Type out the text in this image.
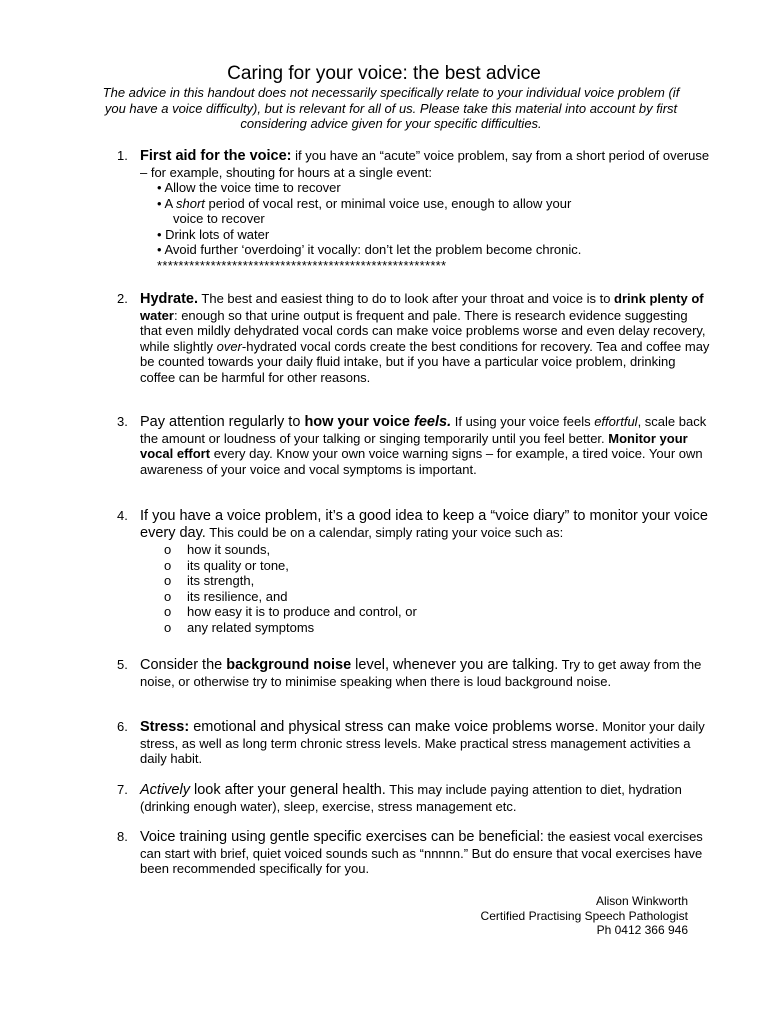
Caring for your voice: the best advice
The advice in this handout does not necessarily specifically relate to your individual voice problem (if you have a voice difficulty), but is relevant for all of us. Please take this material into account by first considering advice given for your specific difficulties.
1. First aid for the voice: if you have an “acute” voice problem, say from a short period of overuse – for example, shouting for hours at a single event:
• Allow the voice time to recover
• A short period of vocal rest, or minimal voice use, enough to allow your
voice to recover
• Drink lots of water
• Avoid further ‘overdoing’ it vocally: don’t let the problem become chronic.
******************************************************
2. Hydrate. The best and easiest thing to do to look after your throat and voice is to drink plenty of water: enough so that urine output is frequent and pale. There is research evidence suggesting that even mildly dehydrated vocal cords can make voice problems worse and even delay recovery, while slightly over-hydrated vocal cords create the best conditions for recovery. Tea and coffee may be counted towards your daily fluid intake, but if you have a particular voice problem, drinking coffee can be harmful for other reasons.
3. Pay attention regularly to how your voice feels. If using your voice feels effortful, scale back the amount or loudness of your talking or singing temporarily until you feel better. Monitor your vocal effort every day. Know your own voice warning signs – for example, a tired voice. Your own awareness of your voice and vocal symptoms is important.
4. If you have a voice problem, it’s a good idea to keep a “voice diary” to monitor your voice every day. This could be on a calendar, simply rating your voice such as:
o how it sounds,
o its quality or tone,
o its strength,
o its resilience, and
o how easy it is to produce and control, or
o any related symptoms
5. Consider the background noise level, whenever you are talking. Try to get away from the noise, or otherwise try to minimise speaking when there is loud background noise.
6. Stress: emotional and physical stress can make voice problems worse. Monitor your daily stress, as well as long term chronic stress levels. Make practical stress management activities a daily habit.
7. Actively look after your general health. This may include paying attention to diet, hydration (drinking enough water), sleep, exercise, stress management etc.
8. Voice training using gentle specific exercises can be beneficial: the easiest vocal exercises can start with brief, quiet voiced sounds such as “nnnnn.” But do ensure that vocal exercises have been recommended specifically for you.
Alison Winkworth
Certified Practising Speech Pathologist
Ph 0412 366 946
